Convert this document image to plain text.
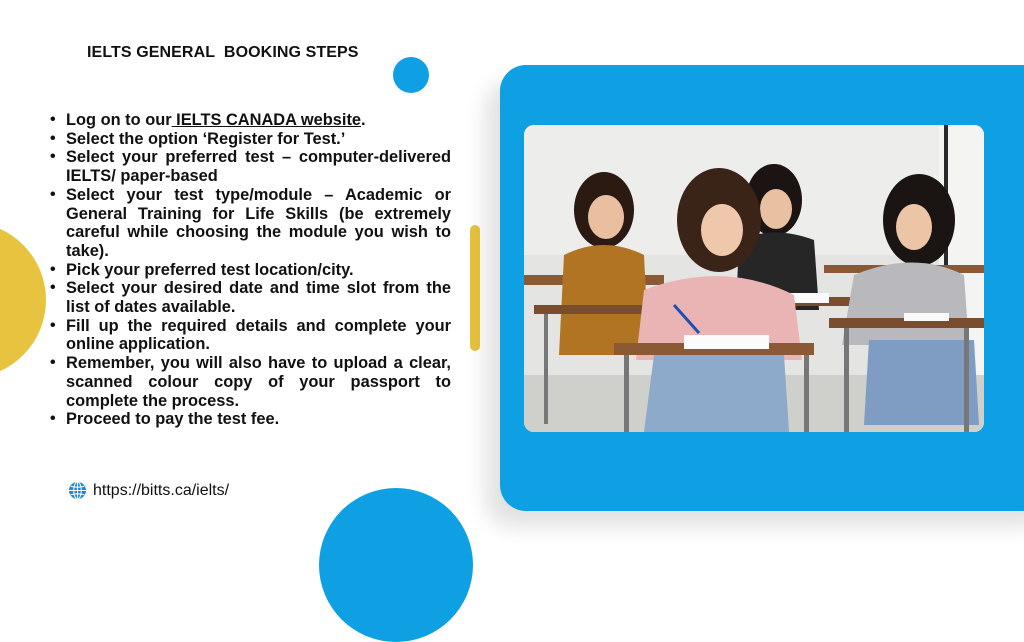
IELTS GENERAL  BOOKING STEPS
• Log on to our IELTS CANADA website.
• Select the option ‘Register for Test.’
• Select your preferred test – computer-delivered IELTS/ paper-based
• Select your test type/module – Academic or General Training for Life Skills (be extremely careful while choosing the module you wish to take).
• Pick your preferred test location/city.
• Select your desired date and time slot from the list of dates available.
• Fill up the required details and complete your online application.
• Remember, you will also have to upload a clear, scanned colour copy of your passport to complete the process.
• Proceed to pay the test fee.
https://bitts.ca/ielts/
